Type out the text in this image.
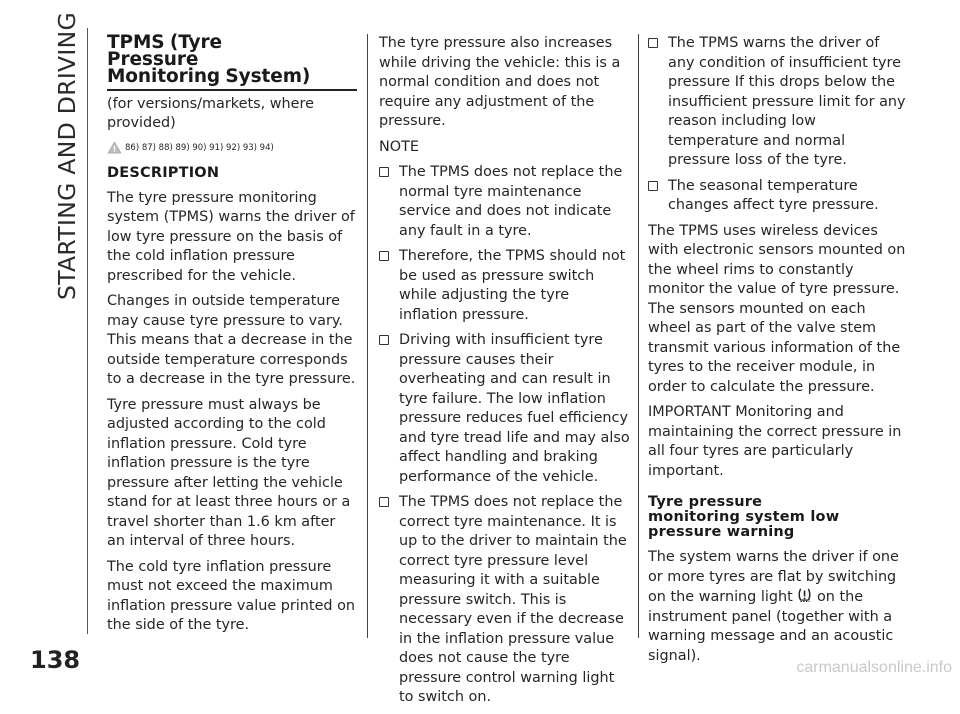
STARTING AND DRIVING
138	carmanualsonline.info
TPMS (Tyre
Pressure
Monitoring System)

(for versions/markets, where provided)

86) 87) 88) 89) 90) 91) 92) 93) 94)
DESCRIPTION

The tyre pressure monitoring system (TPMS) warns the driver of low tyre pressure on the basis of the cold inflation pressure prescribed for the vehicle.

Changes in outside temperature may cause tyre pressure to vary. This means that a decrease in the outside temperature corresponds to a decrease in the tyre pressure.

Tyre pressure must always be adjusted according to the cold inflation pressure. Cold tyre inflation pressure is the tyre pressure after letting the vehicle stand for at least three hours or a travel shorter than 1.6 km after an interval of three hours.

The cold tyre inflation pressure must not exceed the maximum inflation pressure value printed on the side of the tyre.

The tyre pressure also increases while driving the vehicle: this is a normal condition and does not require any adjustment of the pressure.

NOTE

The TPMS does not replace the normal tyre maintenance service and does not indicate any fault in a tyre.
Therefore, the TPMS should not be used as pressure switch while adjusting the tyre inflation pressure.
Driving with insufficient tyre pressure causes their overheating and can result in tyre failure. The low inflation pressure reduces fuel efficiency and tyre tread life and may also affect handling and braking performance of the vehicle.
The TPMS does not replace the correct tyre maintenance. It is up to the driver to maintain the correct tyre pressure level measuring it with a suitable pressure switch. This is necessary even if the decrease in the inflation pressure value does not cause the tyre pressure control warning light to switch on.
The TPMS warns the driver of any condition of insufficient tyre pressure If this drops below the insufficient pressure limit for any reason including low temperature and normal pressure loss of the tyre.
The seasonal temperature changes affect tyre pressure.

The TPMS uses wireless devices with electronic sensors mounted on the wheel rims to constantly monitor the value of tyre pressure. The sensors mounted on each wheel as part of the valve stem transmit various information of the tyres to the receiver module, in order to calculate the pressure.

IMPORTANT Monitoring and maintaining the correct pressure in all four tyres are particularly important.

Tyre pressure
monitoring system low
pressure warning

The system warns the driver if one or more tyres are flat by switching on the warning light on the instrument panel (together with a warning message and an acoustic signal).
